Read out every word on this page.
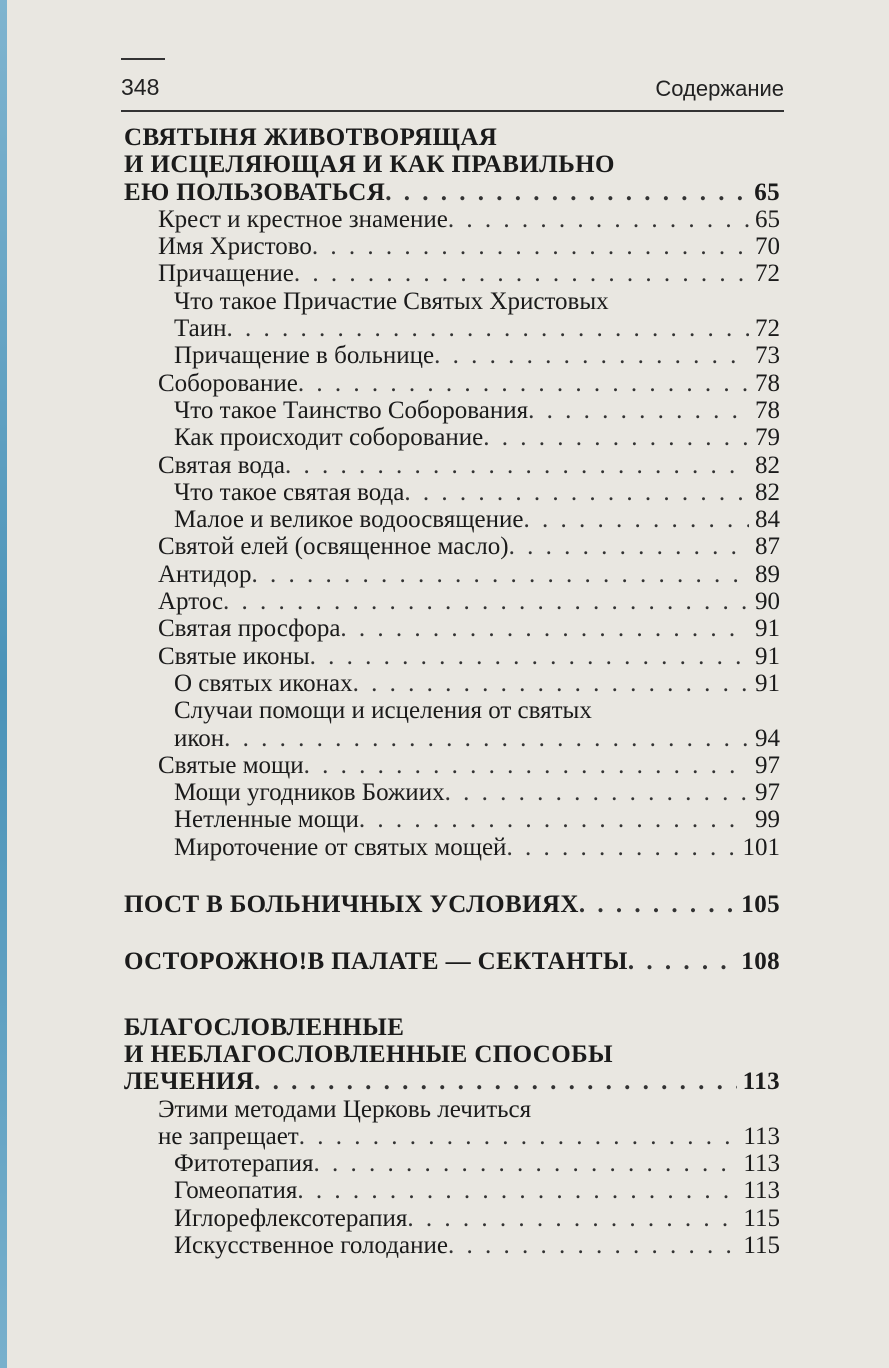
348	Содержание
СВЯТЫНЯ ЖИВОТВОРЯЩАЯ
И ИСЦЕЛЯЮЩАЯ И КАК ПРАВИЛЬНО
ЕЮ ПОЛЬЗОВАТЬСЯ . . .	65
Крест и крестное знамение . . .	65
Имя Христово . . .	70
Причащение . . .	72
Что такое Причастие Святых Христовых
Таин . . .	72
Причащение в больнице . . .	73
Соборование . . .	78
Что такое Таинство Соборования . . .	78
Как происходит соборование . . .	79
Святая вода . . .	82
Что такое святая вода . . .	82
Малое и великое водоосвящение . . .	84
Святой елей (освященное масло) . . .	87
Антидор . . .	89
Артос . . .	90
Святая просфора . . .	91
Святые иконы . . .	91
О святых иконах . . .	91
Случаи помощи и исцеления от святых
икон . . .	94
Святые мощи . . .	97
Мощи угодников Божиих . . .	97
Нетленные мощи . . .	99
Мироточение от святых мощей . . .	101
ПОСТ В БОЛЬНИЧНЫХ УСЛОВИЯХ . . .	105
ОСТОРОЖНО!В ПАЛАТЕ — СЕКТАНТЫ . . .	108
БЛАГОСЛОВЛЕННЫЕ
И НЕБЛАГОСЛОВЛЕННЫЕ СПОСОБЫ
ЛЕЧЕНИЯ . . .	113
Этими методами Церковь лечиться
не запрещает . . .	113
Фитотерапия . . .	113
Гомеопатия . . .	113
Иглорефлексотерапия . . .	115
Искусственное голодание . . .	115
